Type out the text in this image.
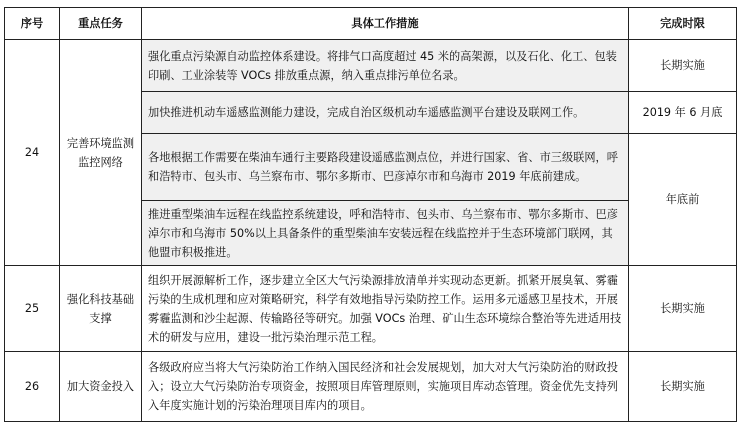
序号	重点任务	具体工作措施	完成时限
24	完善环境监测监控网络	强化重点污染源自动监控体系建设。将排气口高度超过 45 米的高架源，以及石化、化工、包装印刷、工业涂装等 VOCs 排放重点源，纳入重点排污单位名录。	长期实施
		加快推进机动车遥感监测能力建设，完成自治区级机动车遥感监测平台建设及联网工作。	2019 年 6 月底
		各地根据工作需要在柴油车通行主要路段建设遥感监测点位，并进行国家、省、市三级联网，呼和浩特市、包头市、乌兰察布市、鄂尔多斯市、巴彦淖尔市和乌海市 2019 年底前建成。	年底前
		推进重型柴油车远程在线监控系统建设，呼和浩特市、包头市、乌兰察布市、鄂尔多斯市、巴彦淖尔市和乌海市 50%以上具备条件的重型柴油车安装远程在线监控并于生态环境部门联网，其他盟市积极推进。	
25	强化科技基础支撑	组织开展源解析工作，逐步建立全区大气污染源排放清单并实现动态更新。抓紧开展臭氧、雾霾污染的生成机理和应对策略研究，科学有效地指导污染防控工作。运用多元遥感卫星技术，开展雾霾监测和沙尘起源、传输路径等研究。加强 VOCs 治理、矿山生态环境综合整治等先进适用技术的研发与应用，建设一批污染治理示范工程。	长期实施
26	加大资金投入	各级政府应当将大气污染防治工作纳入国民经济和社会发展规划，加大对大气污染防治的财政投入；设立大气污染防治专项资金，按照项目库管理原则，实施项目库动态管理。资金优先支持列入年度实施计划的污染治理项目库内的项目。	长期实施
